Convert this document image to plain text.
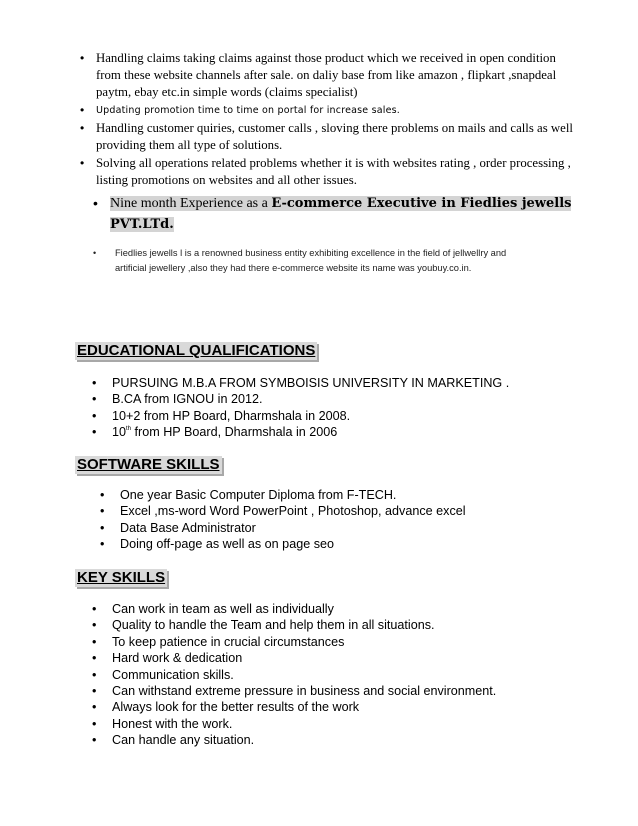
• Handling claims taking claims against those product which we received in open condition
from these website channels after sale. on daliy base from like amazon , flipkart ,snapdeal
paytm, ebay etc.in simple words (claims specialist)
• Updating promotion time to time on portal for increase sales.
• Handling customer quiries, customer calls , sloving there problems on mails and calls as well
providing them all type of solutions.
• Solving all operations related problems whether it is with websites rating , order processing ,
listing promotions on websites and all other issues.
• Nine month Experience as a E-commerce Executive in Fiedlies jewells
PVT.LTd.
• Fiedlies jewells l is a renowned business entity exhibiting excellence in the field of jellwellry and
artificial jewellery ,also they had there e-commerce website its name was youbuy.co.in.
EDUCATIONAL QUALIFICATIONS
• PURSUING M.B.A FROM SYMBOISIS UNIVERSITY IN MARKETING .
• B.CA from IGNOU in 2012.
• 10+2 from HP Board, Dharmshala in 2008.
• 10th from HP Board, Dharmshala in 2006
SOFTWARE SKILLS
• One year Basic Computer Diploma from F-TECH.
• Excel ,ms-word Word PowerPoint , Photoshop, advance excel
• Data Base Administrator
• Doing off-page as well as on page seo
KEY SKILLS
• Can work in team as well as individually
• Quality to handle the Team and help them in all situations.
• To keep patience in crucial circumstances
• Hard work & dedication
• Communication skills.
• Can withstand extreme pressure in business and social environment.
• Always look for the better results of the work
• Honest with the work.
• Can handle any situation.
